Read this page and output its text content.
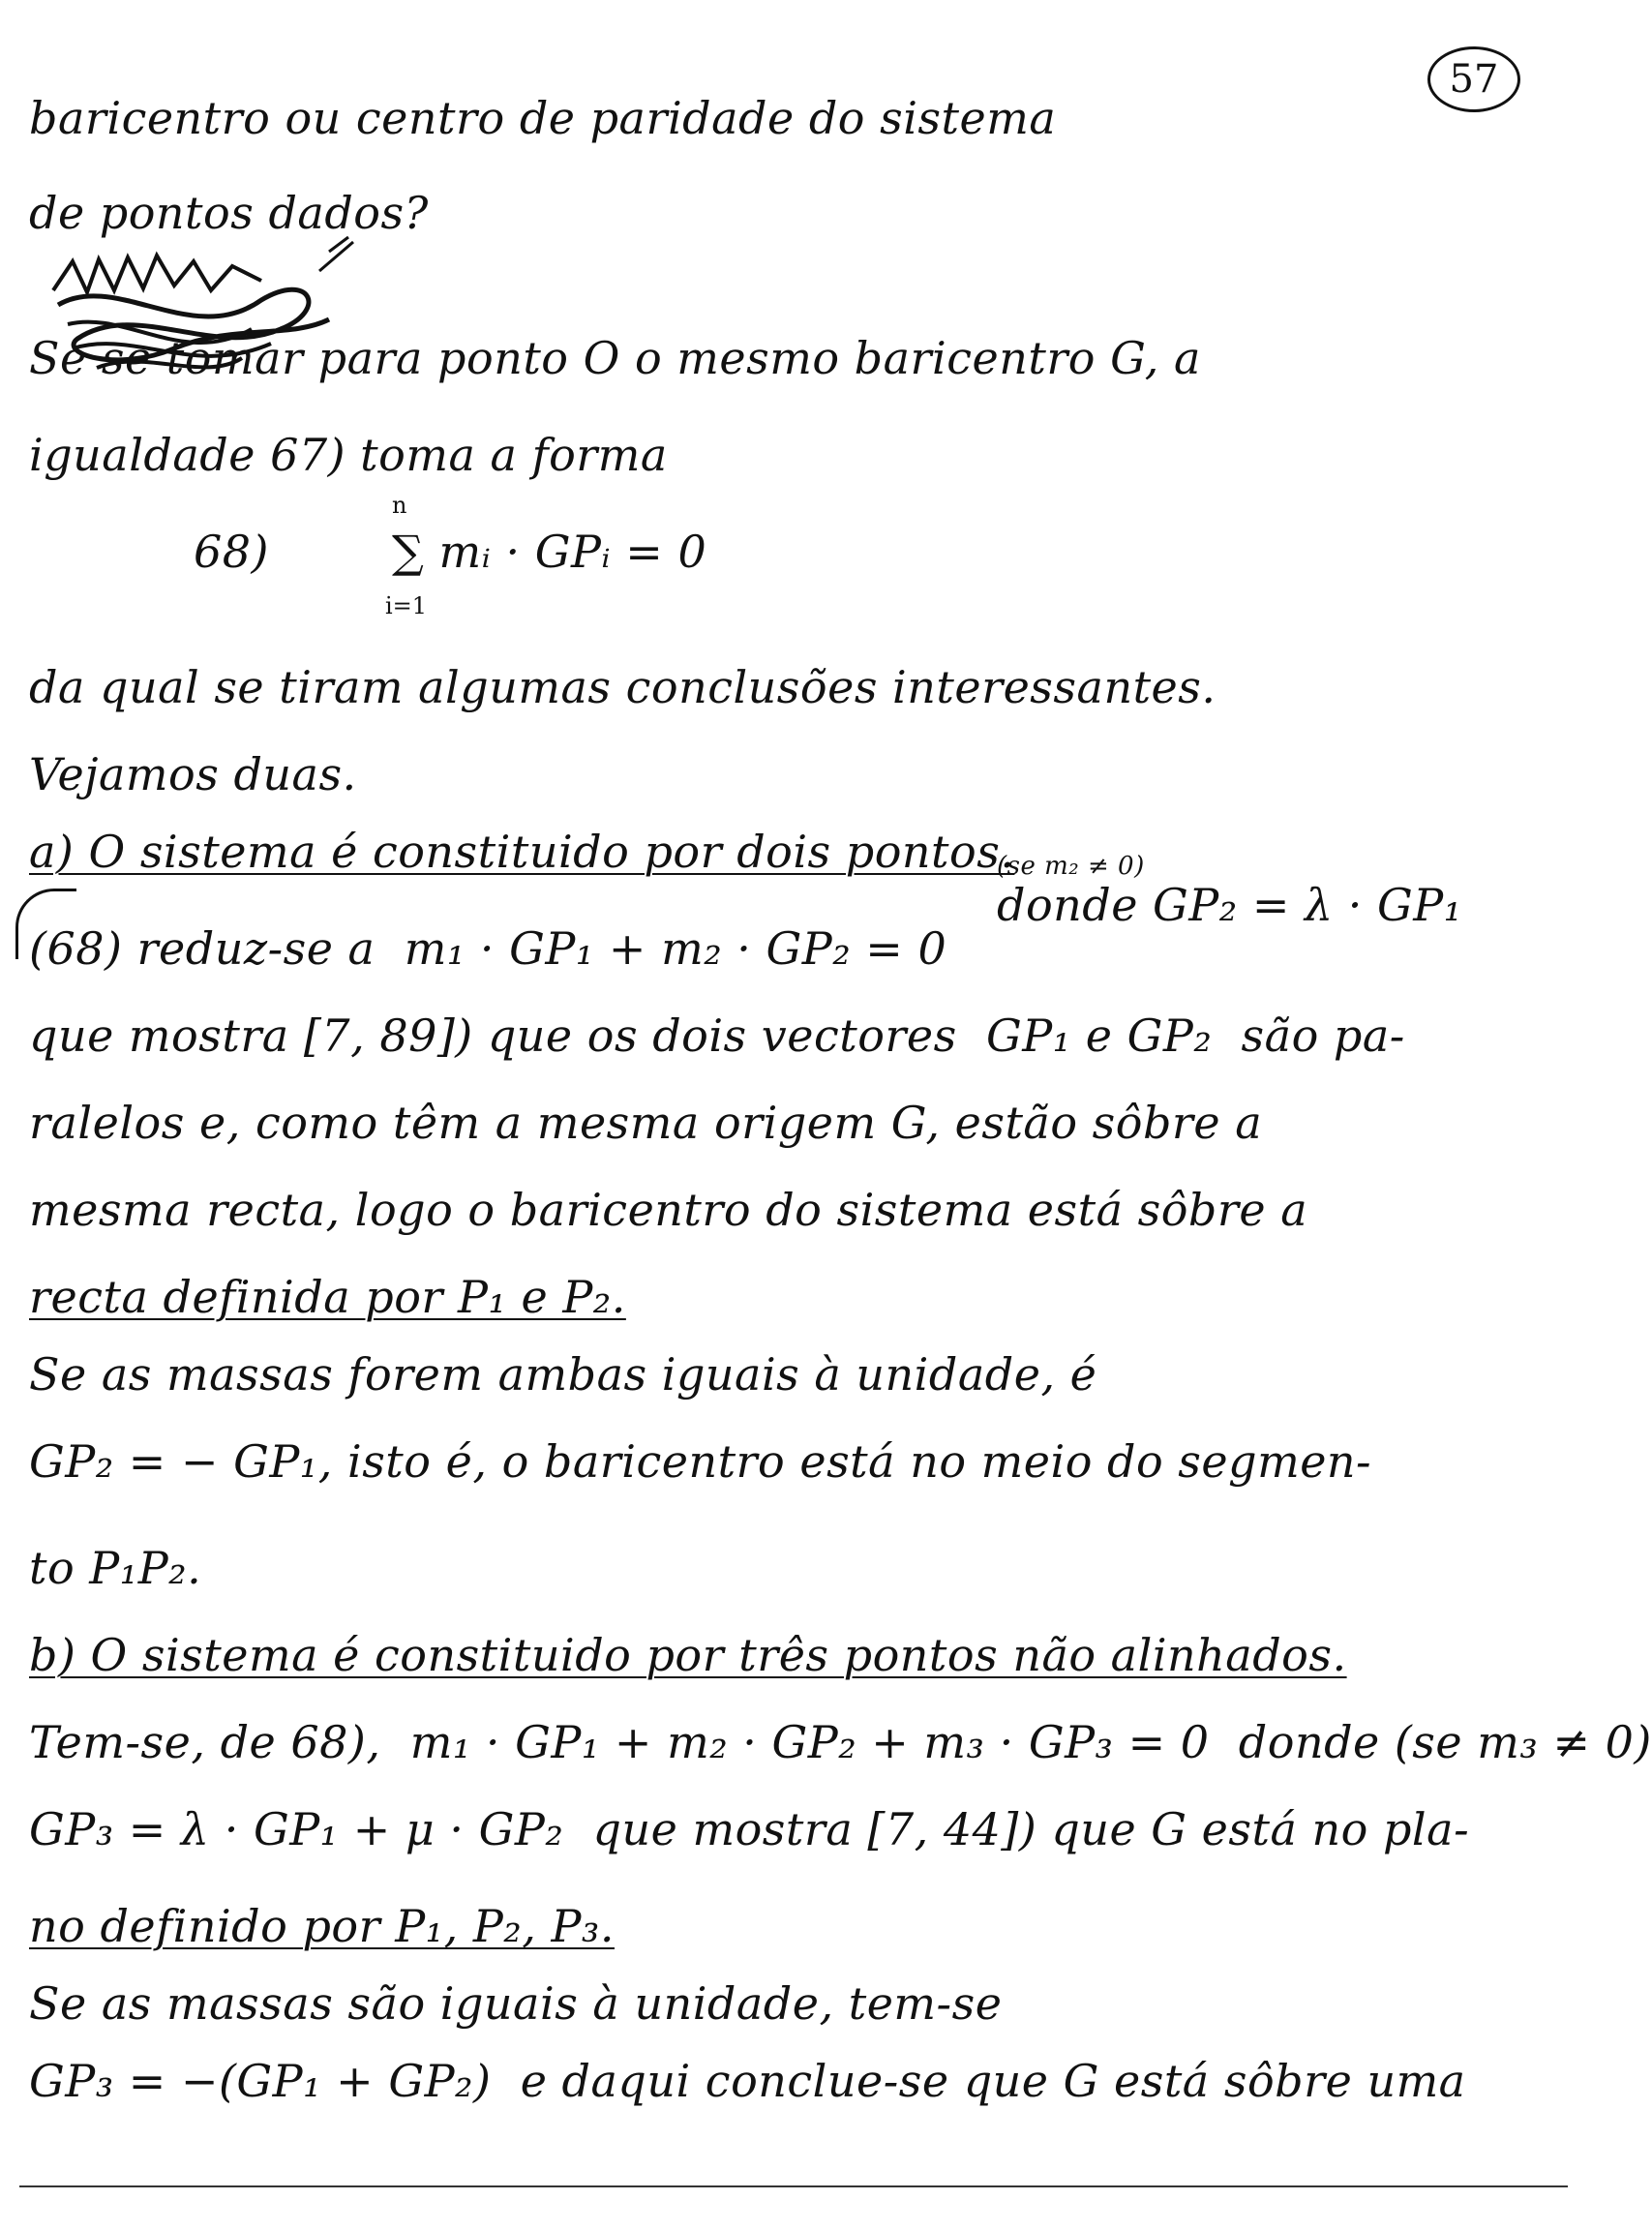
57
baricentro ou centro de paridade do sistema
de pontos dados?
Se se tomar para ponto O o mesmo baricentro G, a
igualdade 67) toma a forma
68)
n
i=1
∑ mᵢ · GPᵢ = 0
da qual se tiram algumas conclusões interessantes.
Vejamos duas.
a) O sistema é constituido por dois pontos.
(68) reduz-se a m₁ · GP₁ + m₂ · GP₂ = 0
(se m₂ ≠ 0)
donde GP₂ = λ · GP₁
que mostra [7, 89]) que os dois vectores GP₁ e GP₂ são pa-
ralelos e, como têm a mesma origem G, estão sôbre a
mesma recta, logo o baricentro do sistema está sôbre a
recta definida por P₁ e P₂.
Se as massas forem ambas iguais à unidade, é
GP₂ = − GP₁, isto é, o baricentro está no meio do segmen-
to P₁P₂.
b) O sistema é constituido por três pontos não alinhados.
Tem-se, de 68), m₁ · GP₁ + m₂ · GP₂ + m₃ · GP₃ = 0 donde (se m₃ ≠ 0)
GP₃ = λ · GP₁ + μ · GP₂ que mostra [7, 44]) que G está no pla-
no definido por P₁, P₂, P₃.
Se as massas são iguais à unidade, tem-se
GP₃ = −(GP₁ + GP₂) e daqui conclue-se que G está sôbre uma
